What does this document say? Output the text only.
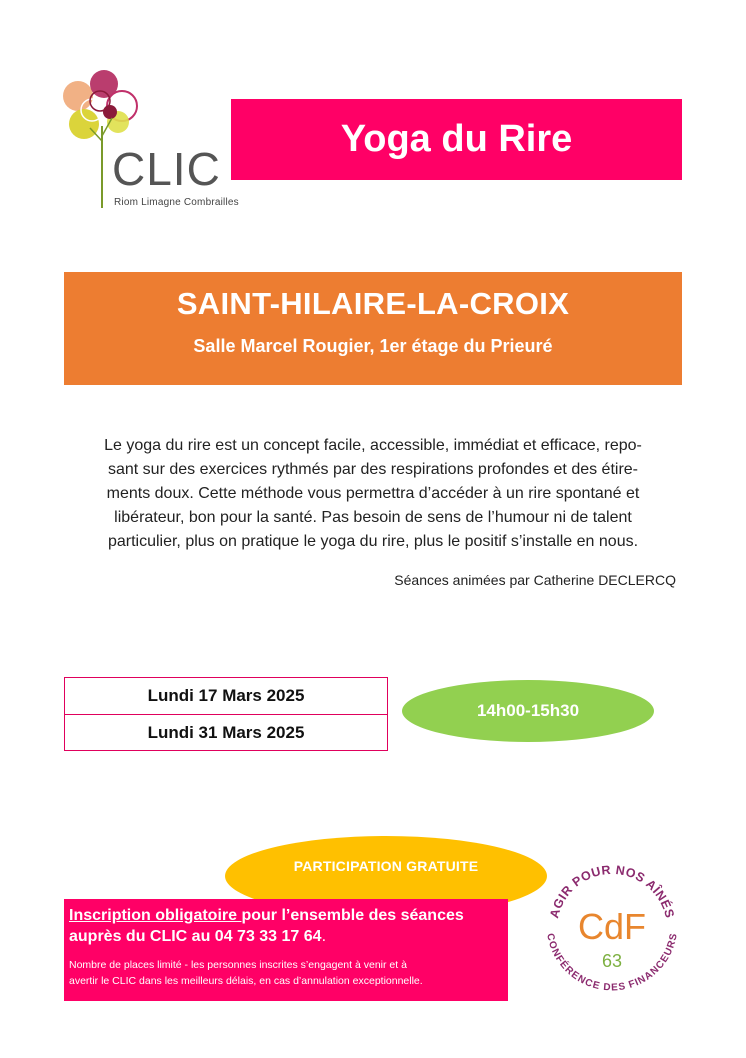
CLIC
Riom Limagne Combrailles
Yoga du Rire
SAINT-HILAIRE-LA-CROIX
Salle Marcel Rougier, 1er étage du Prieuré
Le yoga du rire est un concept facile, accessible, immédiat et efficace, repo-
sant sur des exercices rythmés par des respirations profondes et des étire-
ments doux. Cette méthode vous permettra d’accéder à un rire spontané et
libérateur, bon pour la santé. Pas besoin de sens de l’humour ni de talent
particulier, plus on pratique le yoga du rire, plus le positif s’installe en nous.
Séances animées par Catherine DECLERCQ
Lundi 17 Mars 2025
Lundi 31 Mars 2025
14h00-15h30
PARTICIPATION GRATUITE
Inscription obligatoire pour l’ensemble des séances
auprès du CLIC au 04 73 33 17 64.
Nombre de places limité - les personnes inscrites s’engagent à venir et à
avertir le CLIC dans les meilleurs délais, en cas d’annulation exceptionnelle.
AGIR POUR NOS AÎNÉS
CONFÉRENCE DES FINANCEURS
CdF
63
